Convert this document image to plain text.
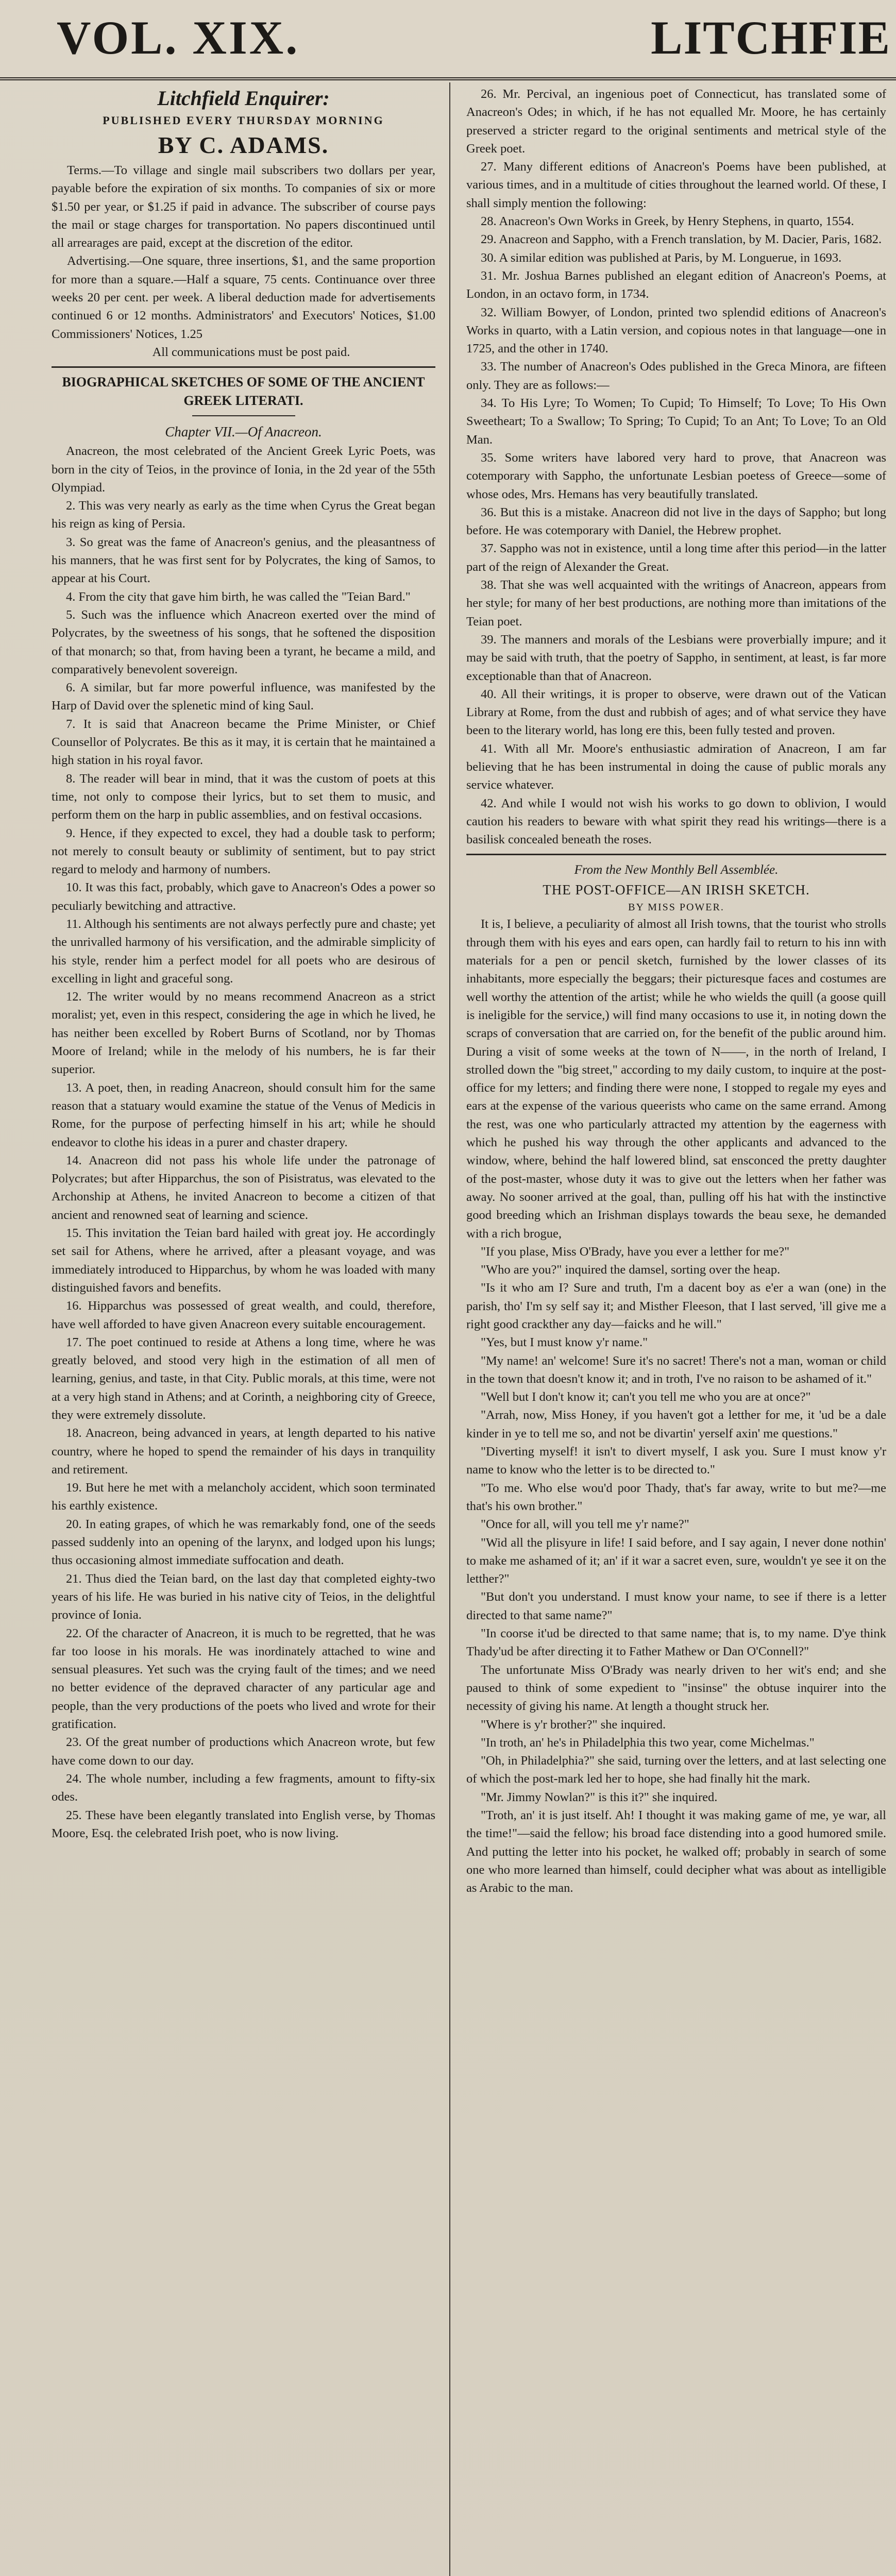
VOL. XIX.	LITCHFIE
Litchfield Enquirer:
PUBLISHED EVERY THURSDAY MORNING
BY C. ADAMS.

Terms.—To village and single mail subscribers two dollars per year, payable before the expiration of six months. To companies of six or more $1.50 per year, or $1.25 if paid in advance. The subscriber of course pays the mail or stage charges for transportation. No papers discontinued until all arrearages are paid, except at the discretion of the editor.

Advertising.—One square, three insertions, $1, and the same proportion for more than a square.—Half a square, 75 cents. Continuance over three weeks 20 per cent. per week. A liberal deduction made for advertisements continued 6 or 12 months. Administrators' and Executors' Notices, $1.00 Commissioners' Notices, 1.25

All communications must be post paid.

BIOGRAPHICAL SKETCHES OF SOME OF THE ANCIENT GREEK LITERATI.
Chapter VII.—Of Anacreon.

Anacreon, the most celebrated of the Ancient Greek Lyric Poets, was born in the city of Teios, in the province of Ionia, in the 2d year of the 55th Olympiad.

2. This was very nearly as early as the time when Cyrus the Great began his reign as king of Persia.

3. So great was the fame of Anacreon's genius, and the pleasantness of his manners, that he was first sent for by Polycrates, the king of Samos, to appear at his Court.

4. From the city that gave him birth, he was called the "Teian Bard."

5. Such was the influence which Anacreon exerted over the mind of Polycrates, by the sweetness of his songs, that he softened the disposition of that monarch; so that, from having been a tyrant, he became a mild, and comparatively benevolent sovereign.

6. A similar, but far more powerful influence, was manifested by the Harp of David over the splenetic mind of king Saul.

7. It is said that Anacreon became the Prime Minister, or Chief Counsellor of Polycrates. Be this as it may, it is certain that he maintained a high station in his royal favor.

8. The reader will bear in mind, that it was the custom of poets at this time, not only to compose their lyrics, but to set them to music, and perform them on the harp in public assemblies, and on festival occasions.

9. Hence, if they expected to excel, they had a double task to perform; not merely to consult beauty or sublimity of sentiment, but to pay strict regard to melody and harmony of numbers.

10. It was this fact, probably, which gave to Anacreon's Odes a power so peculiarly bewitching and attractive.

11. Although his sentiments are not always perfectly pure and chaste; yet the unrivalled harmony of his versification, and the admirable simplicity of his style, render him a perfect model for all poets who are desirous of excelling in light and graceful song.

12. The writer would by no means recommend Anacreon as a strict moralist; yet, even in this respect, considering the age in which he lived, he has neither been excelled by Robert Burns of Scotland, nor by Thomas Moore of Ireland; while in the melody of his numbers, he is far their superior.

13. A poet, then, in reading Anacreon, should consult him for the same reason that a statuary would examine the statue of the Venus of Medicis in Rome, for the purpose of perfecting himself in his art; while he should endeavor to clothe his ideas in a purer and chaster drapery.

14. Anacreon did not pass his whole life under the patronage of Polycrates; but after Hipparchus, the son of Pisistratus, was elevated to the Archonship at Athens, he invited Anacreon to become a citizen of that ancient and renowned seat of learning and science.

15. This invitation the Teian bard hailed with great joy. He accordingly set sail for Athens, where he arrived, after a pleasant voyage, and was immediately introduced to Hipparchus, by whom he was loaded with many distinguished favors and benefits.

16. Hipparchus was possessed of great wealth, and could, therefore, have well afforded to have given Anacreon every suitable encouragement.

17. The poet continued to reside at Athens a long time, where he was greatly beloved, and stood very high in the estimation of all men of learning, genius, and taste, in that City. Public morals, at this time, were not at a very high stand in Athens; and at Corinth, a neighboring city of Greece, they were extremely dissolute.

18. Anacreon, being advanced in years, at length departed to his native country, where he hoped to spend the remainder of his days in tranquility and retirement.

19. But here he met with a melancholy accident, which soon terminated his earthly existence.

20. In eating grapes, of which he was remarkably fond, one of the seeds passed suddenly into an opening of the larynx, and lodged upon his lungs; thus occasioning almost immediate suffocation and death.

21. Thus died the Teian bard, on the last day that completed eighty-two years of his life. He was buried in his native city of Teios, in the delightful province of Ionia.

22. Of the character of Anacreon, it is much to be regretted, that he was far too loose in his morals. He was inordinately attached to wine and sensual pleasures. Yet such was the crying fault of the times; and we need no better evidence of the depraved character of any particular age and people, than the very productions of the poets who lived and wrote for their gratification.

23. Of the great number of productions which Anacreon wrote, but few have come down to our day.

24. The whole number, including a few fragments, amount to fifty-six odes.

25. These have been elegantly translated into English verse, by Thomas Moore, Esq. the celebrated Irish poet, who is now living.

26. Mr. Percival, an ingenious poet of Connecticut, has translated some of Anacreon's Odes; in which, if he has not equalled Mr. Moore, he has certainly preserved a stricter regard to the original sentiments and metrical style of the Greek poet.

27. Many different editions of Anacreon's Poems have been published, at various times, and in a multitude of cities throughout the learned world. Of these, I shall simply mention the following:

28. Anacreon's Own Works in Greek, by Henry Stephens, in quarto, 1554.

29. Anacreon and Sappho, with a French translation, by M. Dacier, Paris, 1682.

30. A similar edition was published at Paris, by M. Longuerue, in 1693.

31. Mr. Joshua Barnes published an elegant edition of Anacreon's Poems, at London, in an octavo form, in 1734.

32. William Bowyer, of London, printed two splendid editions of Anacreon's Works in quarto, with a Latin version, and copious notes in that language—one in 1725, and the other in 1740.

33. The number of Anacreon's Odes published in the Greca Minora, are fifteen only. They are as follows:—

34. To His Lyre; To Women; To Cupid; To Himself; To Love; To His Own Sweetheart; To a Swallow; To Spring; To Cupid; To an Ant; To Love; To an Old Man.

35. Some writers have labored very hard to prove, that Anacreon was cotemporary with Sappho, the unfortunate Lesbian poetess of Greece—some of whose odes, Mrs. Hemans has very beautifully translated.

36. But this is a mistake. Anacreon did not live in the days of Sappho; but long before. He was cotemporary with Daniel, the Hebrew prophet.

37. Sappho was not in existence, until a long time after this period—in the latter part of the reign of Alexander the Great.

38. That she was well acquainted with the writings of Anacreon, appears from her style; for many of her best productions, are nothing more than imitations of the Teian poet.

39. The manners and morals of the Lesbians were proverbially impure; and it may be said with truth, that the poetry of Sappho, in sentiment, at least, is far more exceptionable than that of Anacreon.

40. All their writings, it is proper to observe, were drawn out of the Vatican Library at Rome, from the dust and rubbish of ages; and of what service they have been to the literary world, has long ere this, been fully tested and proven.

41. With all Mr. Moore's enthusiastic admiration of Anacreon, I am far believing that he has been instrumental in doing the cause of public morals any service whatever.

42. And while I would not wish his works to go down to oblivion, I would caution his readers to beware with what spirit they read his writings—there is a basilisk concealed beneath the roses.

From the New Monthly Bell Assemblée.
THE POST-OFFICE—AN IRISH SKETCH.
BY MISS POWER.

It is, I believe, a peculiarity of almost all Irish towns, that the tourist who strolls through them with his eyes and ears open, can hardly fail to return to his inn with materials for a pen or pencil sketch, furnished by the lower classes of its inhabitants, more especially the beggars; their picturesque faces and costumes are well worthy the attention of the artist; while he who wields the quill (a goose quill is ineligible for the service,) will find many occasions to use it, in noting down the scraps of conversation that are carried on, for the benefit of the public around him. During a visit of some weeks at the town of N——, in the north of Ireland, I strolled down the "big street," according to my daily custom, to inquire at the post-office for my letters; and finding there were none, I stopped to regale my eyes and ears at the expense of the various queerists who came on the same errand. Among the rest, was one who particularly attracted my attention by the eagerness with which he pushed his way through the other applicants and advanced to the window, where, behind the half lowered blind, sat ensconced the pretty daughter of the post-master, whose duty it was to give out the letters when her father was away. No sooner arrived at the goal, than, pulling off his hat with the instinctive good breeding which an Irishman displays towards the beau sexe, he demanded with a rich brogue,

"If you plase, Miss O'Brady, have you ever a letther for me?"

"Who are you?" inquired the damsel, sorting over the heap.

"Is it who am I? Sure and truth, I'm a dacent boy as e'er a wan (one) in the parish, tho' I'm sy self say it; and Misther Fleeson, that I last served, 'ill give me a right good crackther any day—faicks and he will."

"Yes, but I must know y'r name."

"My name! an' welcome! Sure it's no sacret! There's not a man, woman or child in the town that doesn't know it; and in troth, I've no raison to be ashamed of it."

"Well but I don't know it; can't you tell me who you are at once?"

"Arrah, now, Miss Honey, if you haven't got a letther for me, it 'ud be a dale kinder in ye to tell me so, and not be divartin' yerself axin' me questions."

"Diverting myself! it isn't to divert myself, I ask you. Sure I must know y'r name to know who the letter is to be directed to."

"To me. Who else wou'd poor Thady, that's far away, write to but me?—me that's his own brother."

"Once for all, will you tell me y'r name?"

"Wid all the plisyure in life! I said before, and I say again, I never done nothin' to make me ashamed of it; an' if it war a sacret even, sure, wouldn't ye see it on the letther?"

"But don't you understand. I must know your name, to see if there is a letter directed to that same name?"

"In coorse it'ud be directed to that same name; that is, to my name. D'ye think Thady'ud be after directing it to Father Mathew or Dan O'Connell?"

The unfortunate Miss O'Brady was nearly driven to her wit's end; and she paused to think of some expedient to "insinse" the obtuse inquirer into the necessity of giving his name. At length a thought struck her.

"Where is y'r brother?" she inquired.

"In troth, an' he's in Philadelphia this two year, come Michelmas."

"Oh, in Philadelphia?" she said, turning over the letters, and at last selecting one of which the post-mark led her to hope, she had finally hit the mark.

"Mr. Jimmy Nowlan?" is this it?" she inquired.

"Troth, an' it is just itself. Ah! I thought it was making game of me, ye war, all the time!"—said the fellow; his broad face distending into a good humored smile. And putting the letter into his pocket, he walked off; probably in search of some one who more learned than himself, could decipher what was about as intelligible as Arabic to the man.
